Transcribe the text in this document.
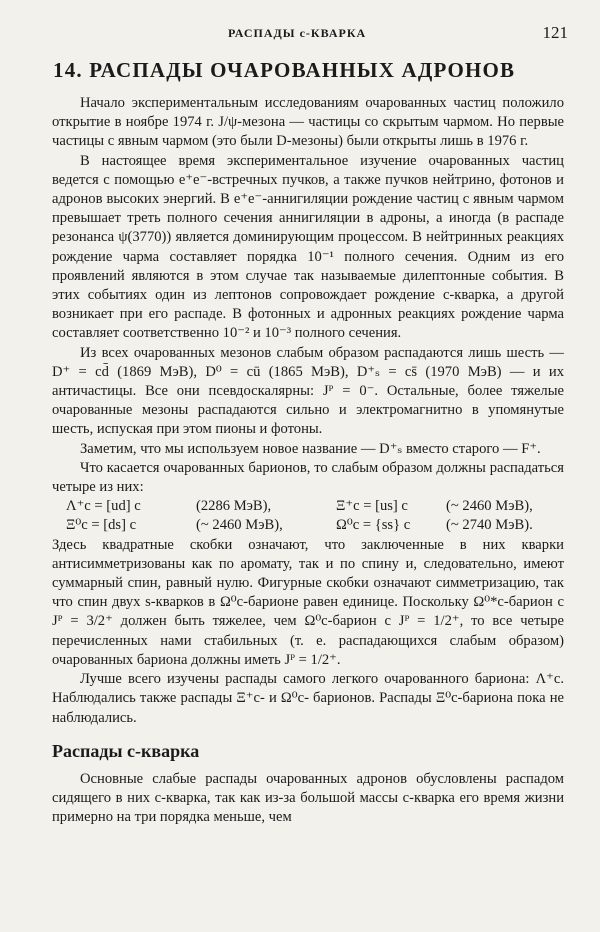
РАСПАДЫ c-КВАРКА	121
14. РАСПАДЫ ОЧАРОВАННЫХ АДРОНОВ

Начало экспериментальным исследованиям очарованных частиц положило открытие в ноябре 1974 г. J/ψ-мезона — частицы со скрытым чармом. Но первые частицы с явным чармом (это были D-мезоны) были открыты лишь в 1976 г.

В настоящее время экспериментальное изучение очарованных частиц ведется с помощью e⁺e⁻-встречных пучков, а также пучков нейтрино, фотонов и адронов высоких энергий. В e⁺e⁻-аннигиляции рождение частиц с явным чармом превышает треть полного сечения аннигиляции в адроны, а иногда (в распаде резонанса ψ(3770)) является доминирующим процессом. В нейтринных реакциях рождение чарма составляет порядка 10⁻¹ полного сечения. Одним из его проявлений являются в этом случае так называемые дилептонные события. В этих событиях один из лептонов сопровождает рождение c-кварка, а другой возникает при его распаде. В фотонных и адронных реакциях рождение чарма составляет соответственно 10⁻² и 10⁻³ полного сечения.

Из всех очарованных мезонов слабым образом распадаются лишь шесть — D⁺ = cd̄ (1869 МэВ), D⁰ = cū (1865 МэВ), D⁺ₛ = cs̄ (1970 МэВ) — и их античастицы. Все они псевдоскалярны: Jᴾ = 0⁻. Остальные, более тяжелые очарованные мезоны распадаются сильно и электромагнитно в упомянутые шесть, испуская при этом пионы и фотоны.

Заметим, что мы используем новое название — D⁺ₛ вместо старого — F⁺.

Что касается очарованных барионов, то слабым образом должны распадаться четыре из них:

Λ⁺c = [ud] c	(2286 МэВ),	Ξ⁺c = [us] c	(~ 2460 МэВ),
Ξ⁰c = [ds] c	(~ 2460 МэВ),	Ω⁰c = {ss} c	(~ 2740 МэВ).

Здесь квадратные скобки означают, что заключенные в них кварки антисимметризованы как по аромату, так и по спину и, следовательно, имеют суммарный спин, равный нулю. Фигурные скобки означают симметризацию, так что спин двух s-кварков в Ω⁰c-барионе равен единице. Поскольку Ω⁰*c-барион с Jᴾ = 3/2⁺ должен быть тяжелее, чем Ω⁰c-барион с Jᴾ = 1/2⁺, то все четыре перечисленных нами стабильных (т. е. распадающихся слабым образом) очарованных бариона должны иметь Jᴾ = 1/2⁺.

Лучше всего изучены распады самого легкого очарованного бариона: Λ⁺c. Наблюдались также распады Ξ⁺c- и Ω⁰c- барионов. Распады Ξ⁰c-бариона пока не наблюдались.

Распады c-кварка

Основные слабые распады очарованных адронов обусловлены распадом сидящего в них c-кварка, так как из-за большой массы c-кварка его время жизни примерно на три порядка меньше, чем
